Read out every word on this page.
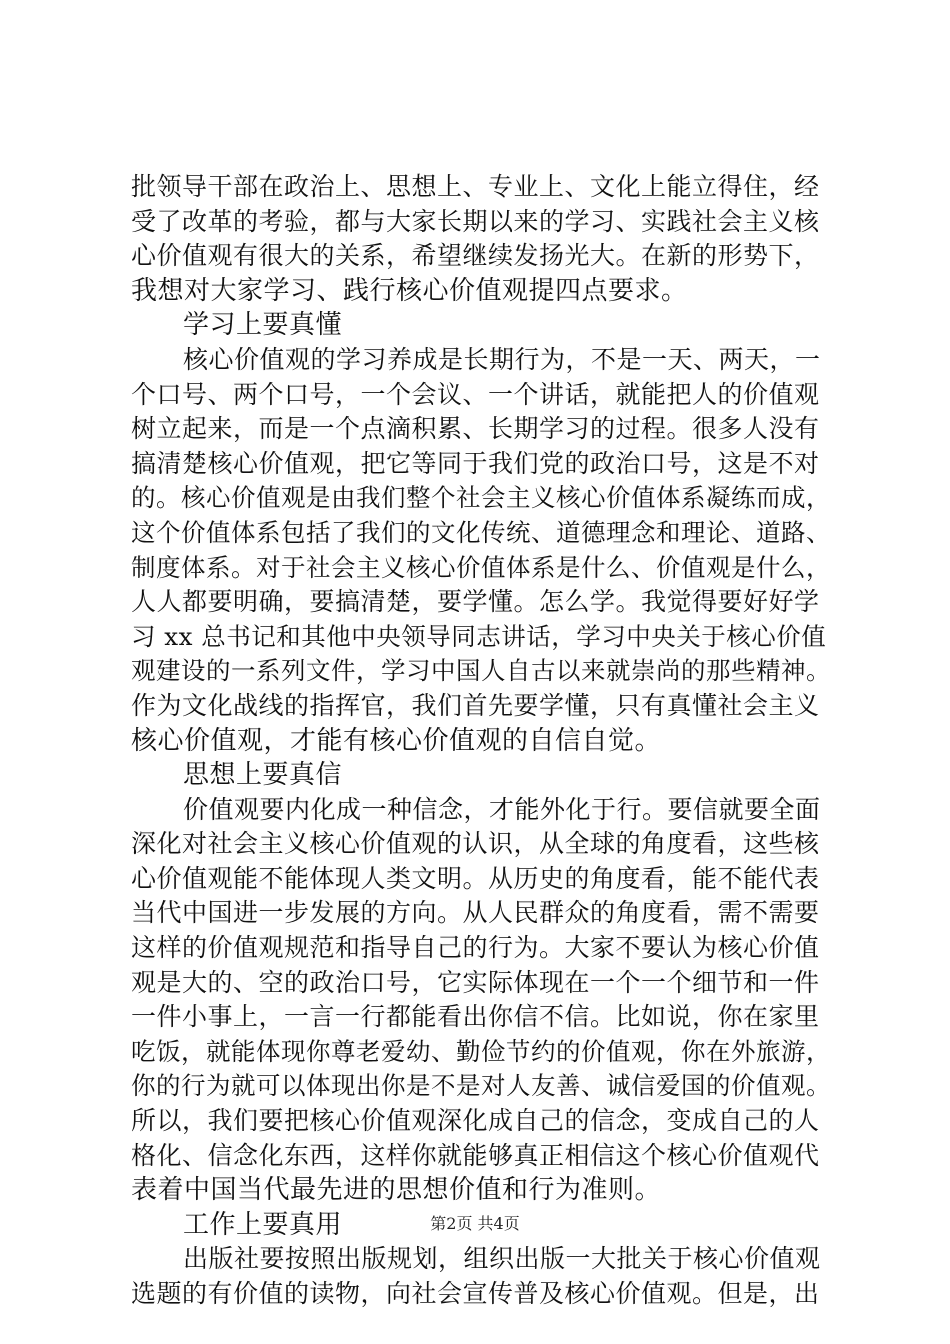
批领导干部在政治上、思想上、专业上、文化上能立得住，经
受了改革的考验，都与大家长期以来的学习、实践社会主义核
心价值观有很大的关系，希望继续发扬光大。在新的形势下，
我想对大家学习、践行核心价值观提四点要求。
学习上要真懂
核心价值观的学习养成是长期行为，不是一天、两天，一
个口号、两个口号，一个会议、一个讲话，就能把人的价值观
树立起来，而是一个点滴积累、长期学习的过程。很多人没有
搞清楚核心价值观，把它等同于我们党的政治口号，这是不对
的。核心价值观是由我们整个社会主义核心价值体系凝练而成，
这个价值体系包括了我们的文化传统、道德理念和理论、道路、
制度体系。对于社会主义核心价值体系是什么、价值观是什么，
人人都要明确，要搞清楚，要学懂。怎么学。我觉得要好好学
习 xx 总书记和其他中央领导同志讲话，学习中央关于核心价值
观建设的一系列文件，学习中国人自古以来就崇尚的那些精神。
作为文化战线的指挥官，我们首先要学懂，只有真懂社会主义
核心价值观，才能有核心价值观的自信自觉。
思想上要真信
价值观要内化成一种信念，才能外化于行。要信就要全面
深化对社会主义核心价值观的认识，从全球的角度看，这些核
心价值观能不能体现人类文明。从历史的角度看，能不能代表
当代中国进一步发展的方向。从人民群众的角度看，需不需要
这样的价值观规范和指导自己的行为。大家不要认为核心价值
观是大的、空的政治口号，它实际体现在一个一个细节和一件
一件小事上，一言一行都能看出你信不信。比如说，你在家里
吃饭，就能体现你尊老爱幼、勤俭节约的价值观，你在外旅游，
你的行为就可以体现出你是不是对人友善、诚信爱国的价值观。
所以，我们要把核心价值观深化成自己的信念，变成自己的人
格化、信念化东西，这样你就能够真正相信这个核心价值观代
表着中国当代最先进的思想价值和行为准则。
工作上要真用
出版社要按照出版规划，组织出版一大批关于核心价值观
选题的有价值的读物，向社会宣传普及核心价值观。但是，出
第2页 共4页
